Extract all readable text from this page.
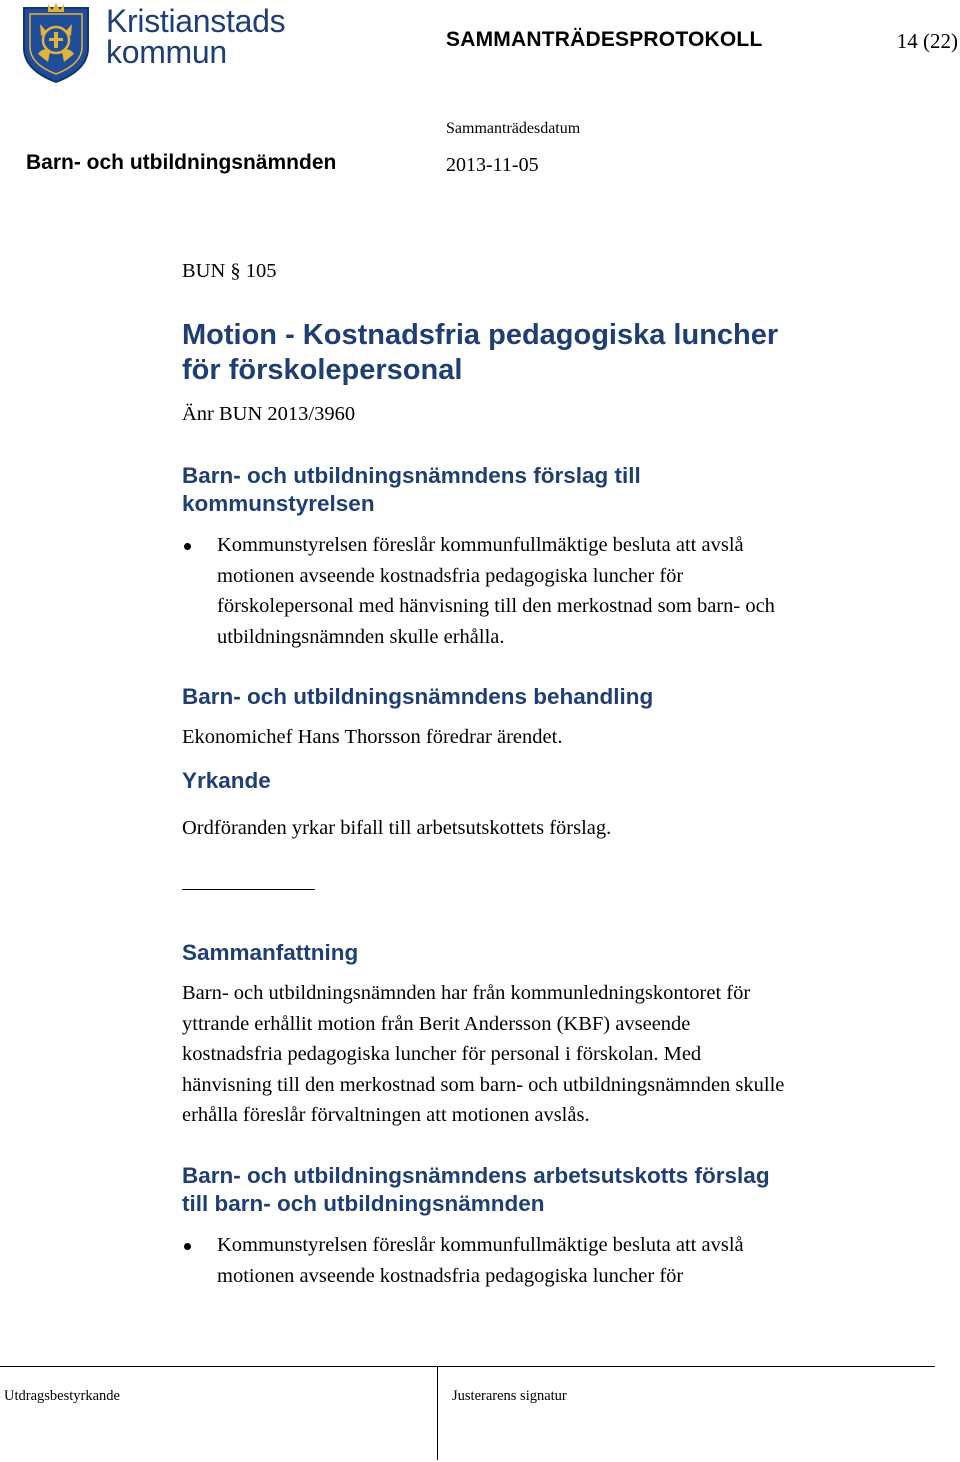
Kristianstads
kommun	SAMMANTRÄDESPROTOKOLL	14 (22)
Sammanträdesdatum
Barn- och utbildningsnämnden	2013-11-05

BUN § 105

Motion - Kostnadsfria pedagogiska luncher

för förskolepersonal

Änr BUN 2013/3960

Barn- och utbildningsnämndens förslag till

kommunstyrelsen

Kommunstyrelsen föreslår kommunfullmäktige besluta att avslå
motionen avseende kostnadsfria pedagogiska luncher för
förskolepersonal med hänvisning till den merkostnad som barn- och
utbildningsnämnden skulle erhålla.

Barn- och utbildningsnämndens behandling

Ekonomichef Hans Thorsson föredrar ärendet.

Yrkande

Ordföranden yrkar bifall till arbetsutskottets förslag.

Sammanfattning

Barn- och utbildningsnämnden har från kommunledningskontoret för
yttrande erhållit motion från Berit Andersson (KBF) avseende
kostnadsfria pedagogiska luncher för personal i förskolan. Med
hänvisning till den merkostnad som barn- och utbildningsnämnden skulle
erhålla föreslår förvaltningen att motionen avslås.

Barn- och utbildningsnämndens arbetsutskotts förslag

till barn- och utbildningsnämnden

Kommunstyrelsen föreslår kommunfullmäktige besluta att avslå
motionen avseende kostnadsfria pedagogiska luncher för
Utdragsbestyrkande	Justerarens signatur
